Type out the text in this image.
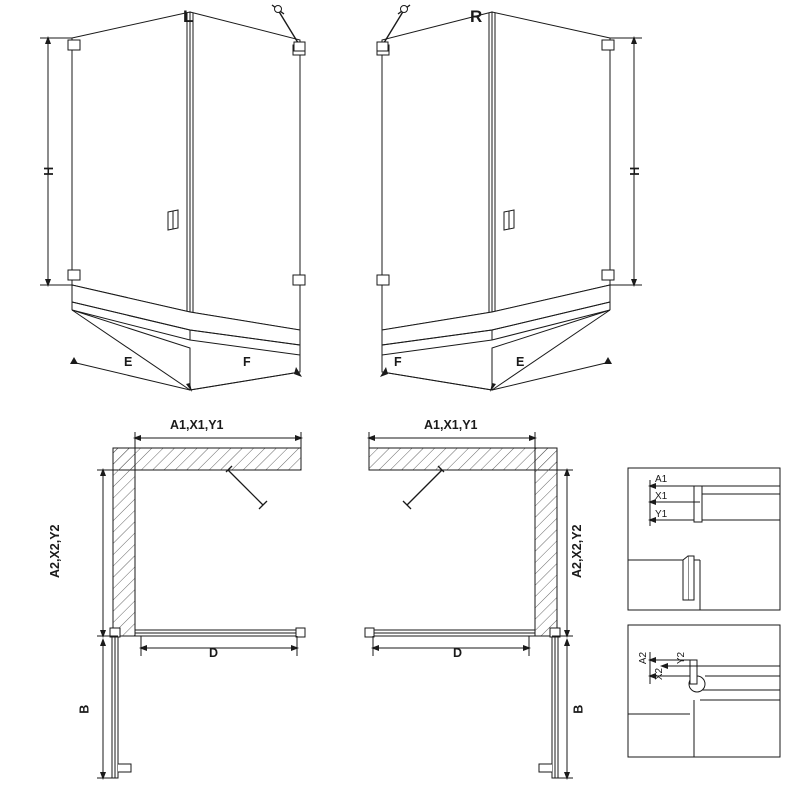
L	R
H	H
E	F	F	E
A1,X1,Y1	A1,X1,Y1
A2,X2,Y2	A2,X2,Y2
D	D
B	B
A1
X1
Y1
A2
X2
Y2
